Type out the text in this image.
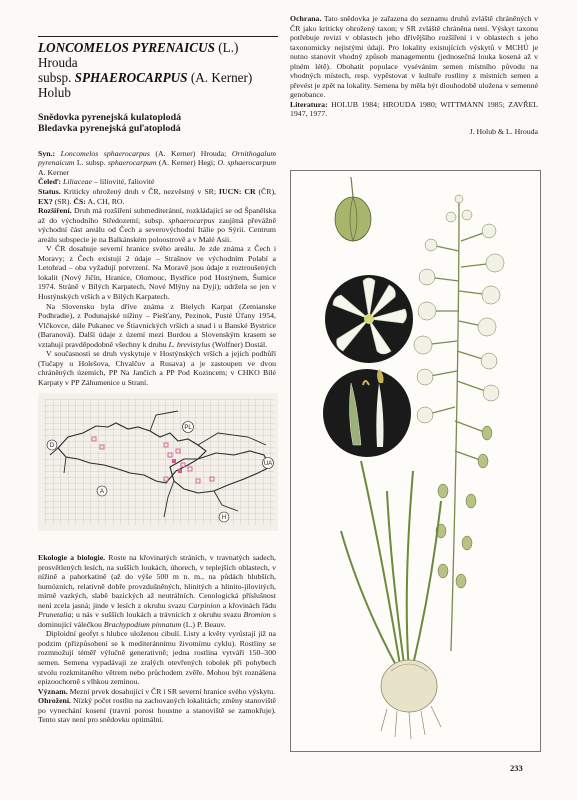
LONCOMELOS PYRENAICUS (L.) Hrouda
subsp. SPHAEROCARPUS (A. Kerner) Holub

Snědovka pyrenejská kulatoplodá

Bledavka pyrenejská guľatoplodá

Syn.: Loncomelos sphaerocarpus (A. Kerner) Hrouda; Ornithogalum pyrenaicum L. subsp. sphaerocarpum (A. Kerner) Hegi; O. sphaerocarpum A. Kerner

Čeleď: Liliaceae – liliovité, ľaliovité

Status. Kriticky ohrožený druh v ČR, nezvěstný v SR; IUCN: CR (ČR), EX? (SR). ČS: A, CH, RO.

Rozšíření. Druh má rozšíření submediteránní, rozkládající se od Španělska až do východního Středozemí; subsp. sphaerocarpus zaujímá převážně východní část areálu od Čech a severovýchodní Itálie po Sýrii. Centrum areálu subspecie je na Balkánském poloostrově a v Malé Asii.

V ČR dosahuje severní hranice svého areálu. Je zde známa z Čech i Moravy; z Čech existují 2 údaje – Strašnov ve východním Polabí a Letohrad – oba vyžadují potvrzení. Na Moravě jsou údaje z roztroušených lokalit (Nový Jičín, Hranice, Olomouc, Bystřice pod Hostýnem, Šumice 1974. Stráně v Bílých Karpatech, Nové Mlýny na Dyji); udržela se jen v Hostýnských vrších a v Bílých Karpatech.

Na Slovensku byla dříve známa z Bielych Karpat (Zemianske Podhradie), z Podunajské nížiny – Piešťany, Pezinok, Pusté Úľany 1954, Vlčkovce, dále Pukanec ve Štiavnických vrších a snad i u Banské Bystrice (Baranová). Další údaje z území mezi Burdou a Slovenským krasem se vztahují pravděpodobně všechny k druhu L. brevistylus (Wolfner) Dostál.

V současnosti se druh vyskytuje v Hostýnských vrších a jejich podhůří (Tučapy u Holešova, Chvalčov a Rusava) a je zastoupen ve dvou chráněných územích, PP Na Jančích a PP Pod Kozincem; v CHKO Bílé Karpaty v PP Záhumenice u Straní.

D
PL
A
H
UA

Ekologie a biologie. Roste na křovinatých stráních, v travnatých sadech, prosvětlených lesích, na sušších loukách, úhorech, v teplejších oblastech, v nížině a pahorkatině (až do výše 500 m n. m., na půdách hlubších, humózních, relativně dobře provzdušněných, hlinitých a hlinito-jílovitých, mírně vazkých, slabě bazických až neutrálních. Cenologická příslušnost není zcela jasná; jinde v lesích z okruhu svazu Carpinion a křovinách řádu Prunetalia; u nás v sušších loukách a trávnících z okruhu svazu Bromion s dominující válečkou Brachypodium pinnatum (L.) P. Beauv.

Diploidní geofyt s hlubce uloženou cibulí. Listy a květy vyrůstají již na podzim (přizpůsobení se k mediteránnímu životnímu cyklu). Rostliny se rozmnožují téměř výlučně generativně; jedna rostlina vytváří 150–300 semen. Semena vypadávají ze zralých otevřených tobolek při pohybech stvolu rozkmitaného větrem nebo průchodem zvěře. Mohou být roznášena epizoochorně s vlhkou zeminou.

Význam. Mezní prvek dosahující v ČR i SR severní hranice svého výskytu.

Ohrožení. Nízký počet rostlin na zachovaných lokalitách; změny stanoviště po vynechání kosení (travní porost houstne a stanoviště se zamokřuje). Tento stav není pro snědovku optimální.

Ochrana. Tato snědovka je zařazena do seznamu druhů zvláště chráněných v ČR jako kriticky ohrožený taxon; v SR zvláště chráněna není. Výskyt taxonu potřebuje revizi v oblastech jeho dřívějšího rozšíření i v oblastech s jeho taxonomicky nejistými údaji. Pro lokality existujících výskytů v MCHÚ je nutno stanovit vhodný způsob managementu (jednosečná louka kosená až v plném létě). Obohatit populace vysévánim semen místního původu na vhodných místech, resp. vypěstovat v kultuře rostliny z místních semen a převést je zpět na lokality. Semena by měla být dlouhodobě uložena v semenné genobance.

Literatura: HOLUB 1984; HROUDA 1980; WITTMANN 1985; ZAVŘEL 1947, 1977.

J. Holub & L. Hrouda

233
